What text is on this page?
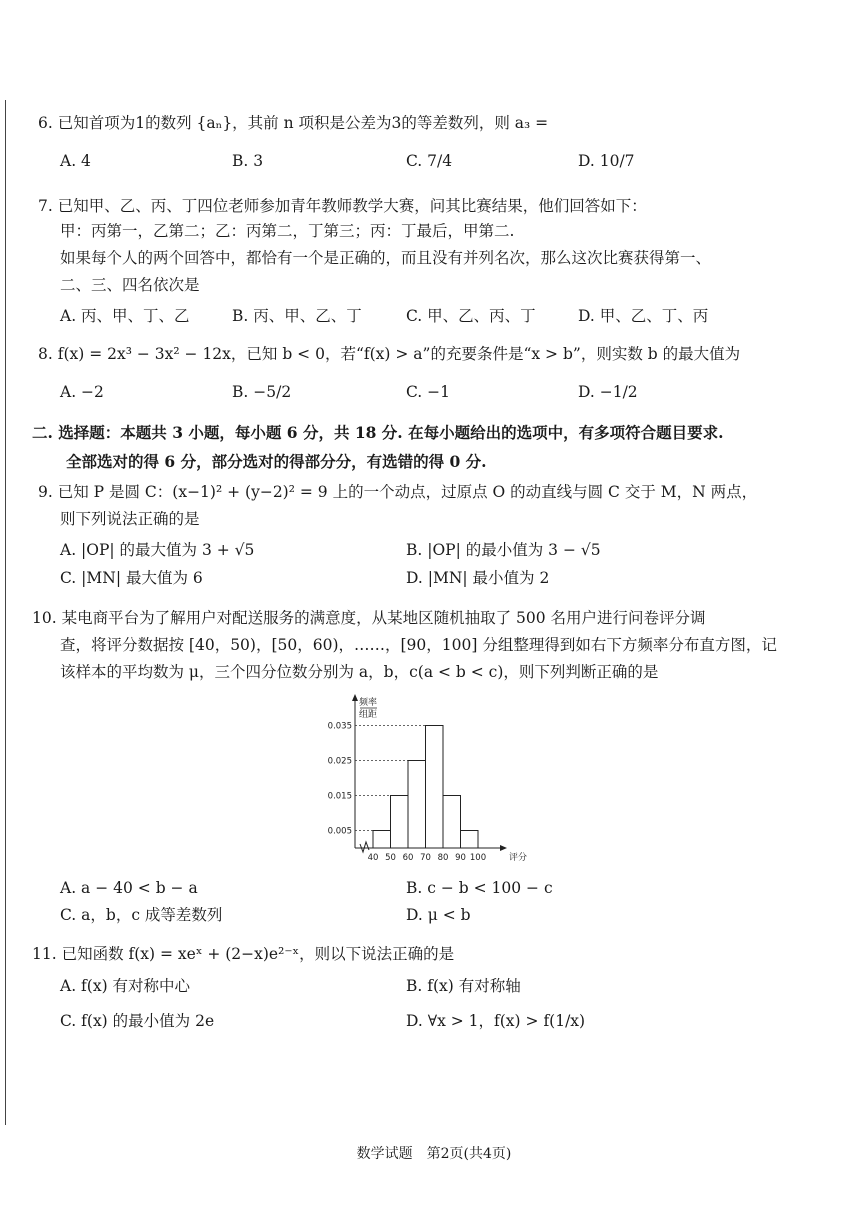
6. 已知首项为1的数列 {aₙ}，其前 n 项积是公差为3的等差数列，则 a₃ =
A. 4	B. 3	C. 7/4	D. 10/7
7. 已知甲、乙、丙、丁四位老师参加青年教师教学大赛，问其比赛结果，他们回答如下：
甲：丙第一，乙第二；乙：丙第二，丁第三；丙：丁最后，甲第二.
如果每个人的两个回答中，都恰有一个是正确的，而且没有并列名次，那么这次比赛获得第一、
二、三、四名依次是
A. 丙、甲、丁、乙	B. 丙、甲、乙、丁	C. 甲、乙、丙、丁	D. 甲、乙、丁、丙
8. f(x) = 2x³ − 3x² − 12x，已知 b < 0，若“f(x) > a”的充要条件是“x > b”，则实数 b 的最大值为
A. −2	B. −5/2	C. −1	D. −1/2
二. 选择题：本题共 3 小题，每小题 6 分，共 18 分. 在每小题给出的选项中，有多项符合题目要求.
全部选对的得 6 分，部分选对的得部分分，有选错的得 0 分.
9. 已知 P 是圆 C：(x−1)² + (y−2)² = 9 上的一个动点，过原点 O 的动直线与圆 C 交于 M，N 两点，
则下列说法正确的是
A. |OP| 的最大值为 3 + √5	B. |OP| 的最小值为 3 − √5
C. |MN| 最大值为 6	D. |MN| 最小值为 2
10. 某电商平台为了解用户对配送服务的满意度，从某地区随机抽取了 500 名用户进行问卷评分调
查，将评分数据按 [40，50)，[50，60)，……，[90，100] 分组整理得到如右下方频率分布直方图，记
该样本的平均数为 μ，三个四分位数分别为 a，b，c(a < b < c)，则下列判断正确的是
频率
组距
0.005
0.015
0.025
0.035
40 50 60 70 80 90 100	评分
A. a − 40 < b − a	B. c − b < 100 − c
C. a，b，c 成等差数列	D. μ < b
11. 已知函数 f(x) = xeˣ + (2−x)e²⁻ˣ，则以下说法正确的是
A. f(x) 有对称中心	B. f(x) 有对称轴
C. f(x) 的最小值为 2e	D. ∀x > 1，f(x) > f(1/x)
数学试题　第2页(共4页)
